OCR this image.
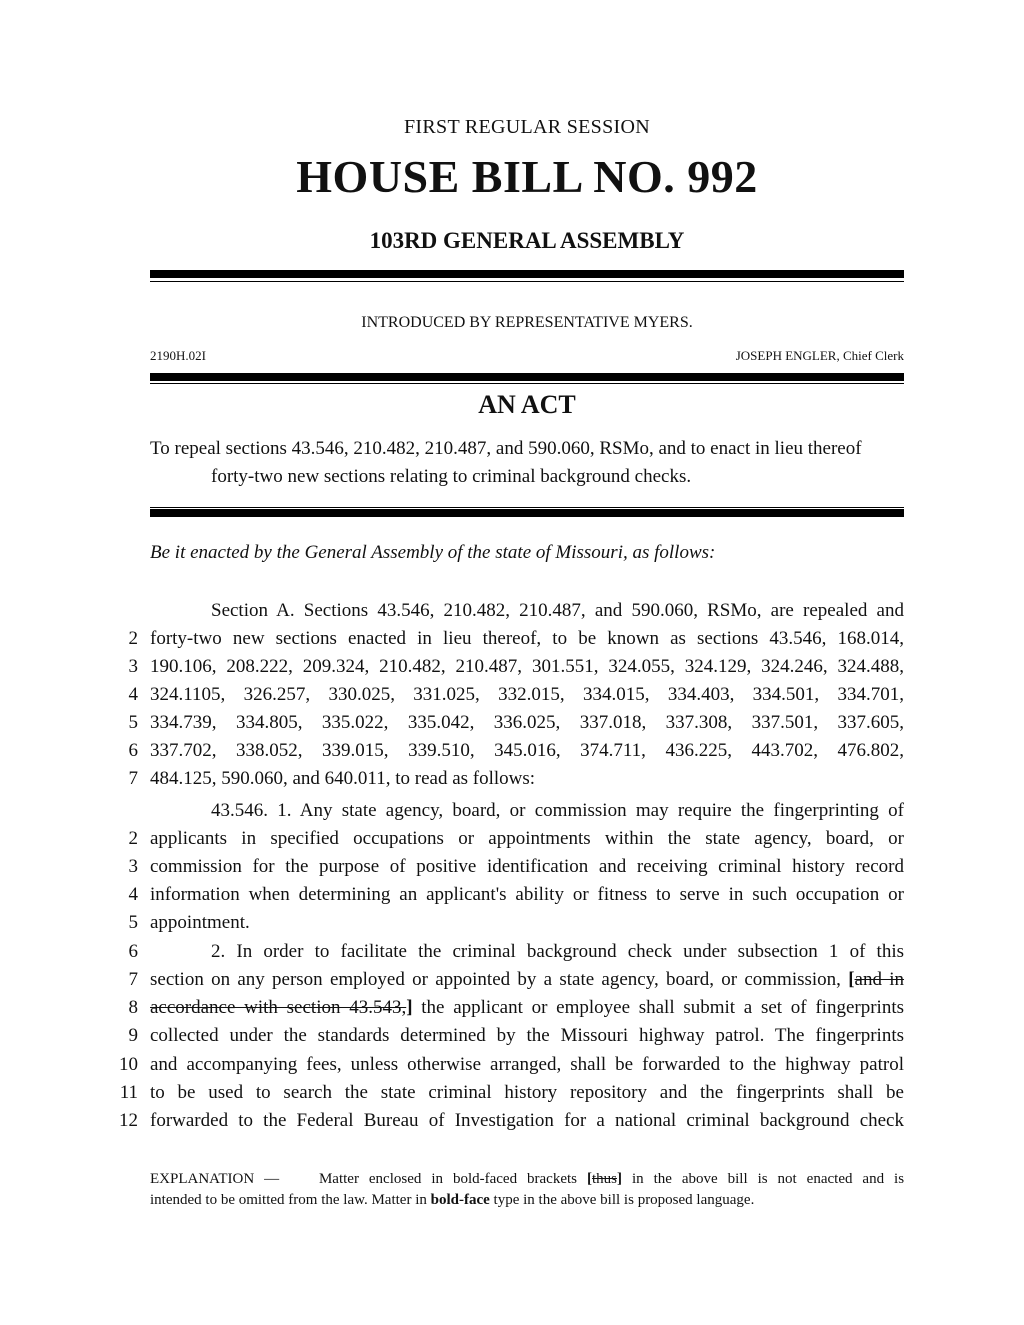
FIRST REGULAR SESSION
HOUSE BILL NO. 992
103RD GENERAL ASSEMBLY
INTRODUCED BY REPRESENTATIVE MYERS.
2190H.02I	JOSEPH ENGLER, Chief Clerk
AN ACT
To repeal sections 43.546, 210.482, 210.487, and 590.060, RSMo, and to enact in lieu thereof
forty-two new sections relating to criminal background checks.
Be it enacted by the General Assembly of the state of Missouri, as follows:
Section A. Sections 43.546, 210.482, 210.487, and 590.060, RSMo, are repealed and
2 forty-two new sections enacted in lieu thereof, to be known as sections 43.546, 168.014,
3 190.106, 208.222, 209.324, 210.482, 210.487, 301.551, 324.055, 324.129, 324.246, 324.488,
4 324.1105, 326.257, 330.025, 331.025, 332.015, 334.015, 334.403, 334.501, 334.701,
5 334.739, 334.805, 335.022, 335.042, 336.025, 337.018, 337.308, 337.501, 337.605,
6 337.702, 338.052, 339.015, 339.510, 345.016, 374.711, 436.225, 443.702, 476.802,
7 484.125, 590.060, and 640.011, to read as follows:
43.546. 1. Any state agency, board, or commission may require the fingerprinting of
2 applicants in specified occupations or appointments within the state agency, board, or
3 commission for the purpose of positive identification and receiving criminal history record
4 information when determining an applicant's ability or fitness to serve in such occupation or
5 appointment.
6	2. In order to facilitate the criminal background check under subsection 1 of this
7 section on any person employed or appointed by a state agency, board, or commission, [and in
8 accordance with section 43.543,] the applicant or employee shall submit a set of fingerprints
9 collected under the standards determined by the Missouri highway patrol. The fingerprints
10 and accompanying fees, unless otherwise arranged, shall be forwarded to the highway patrol
11 to be used to search the state criminal history repository and the fingerprints shall be
12 forwarded to the Federal Bureau of Investigation for a national criminal background check
EXPLANATION —	Matter enclosed in bold-faced brackets [thus] in the above bill is not enacted and is
intended to be omitted from the law. Matter in bold-face type in the above bill is proposed language.
